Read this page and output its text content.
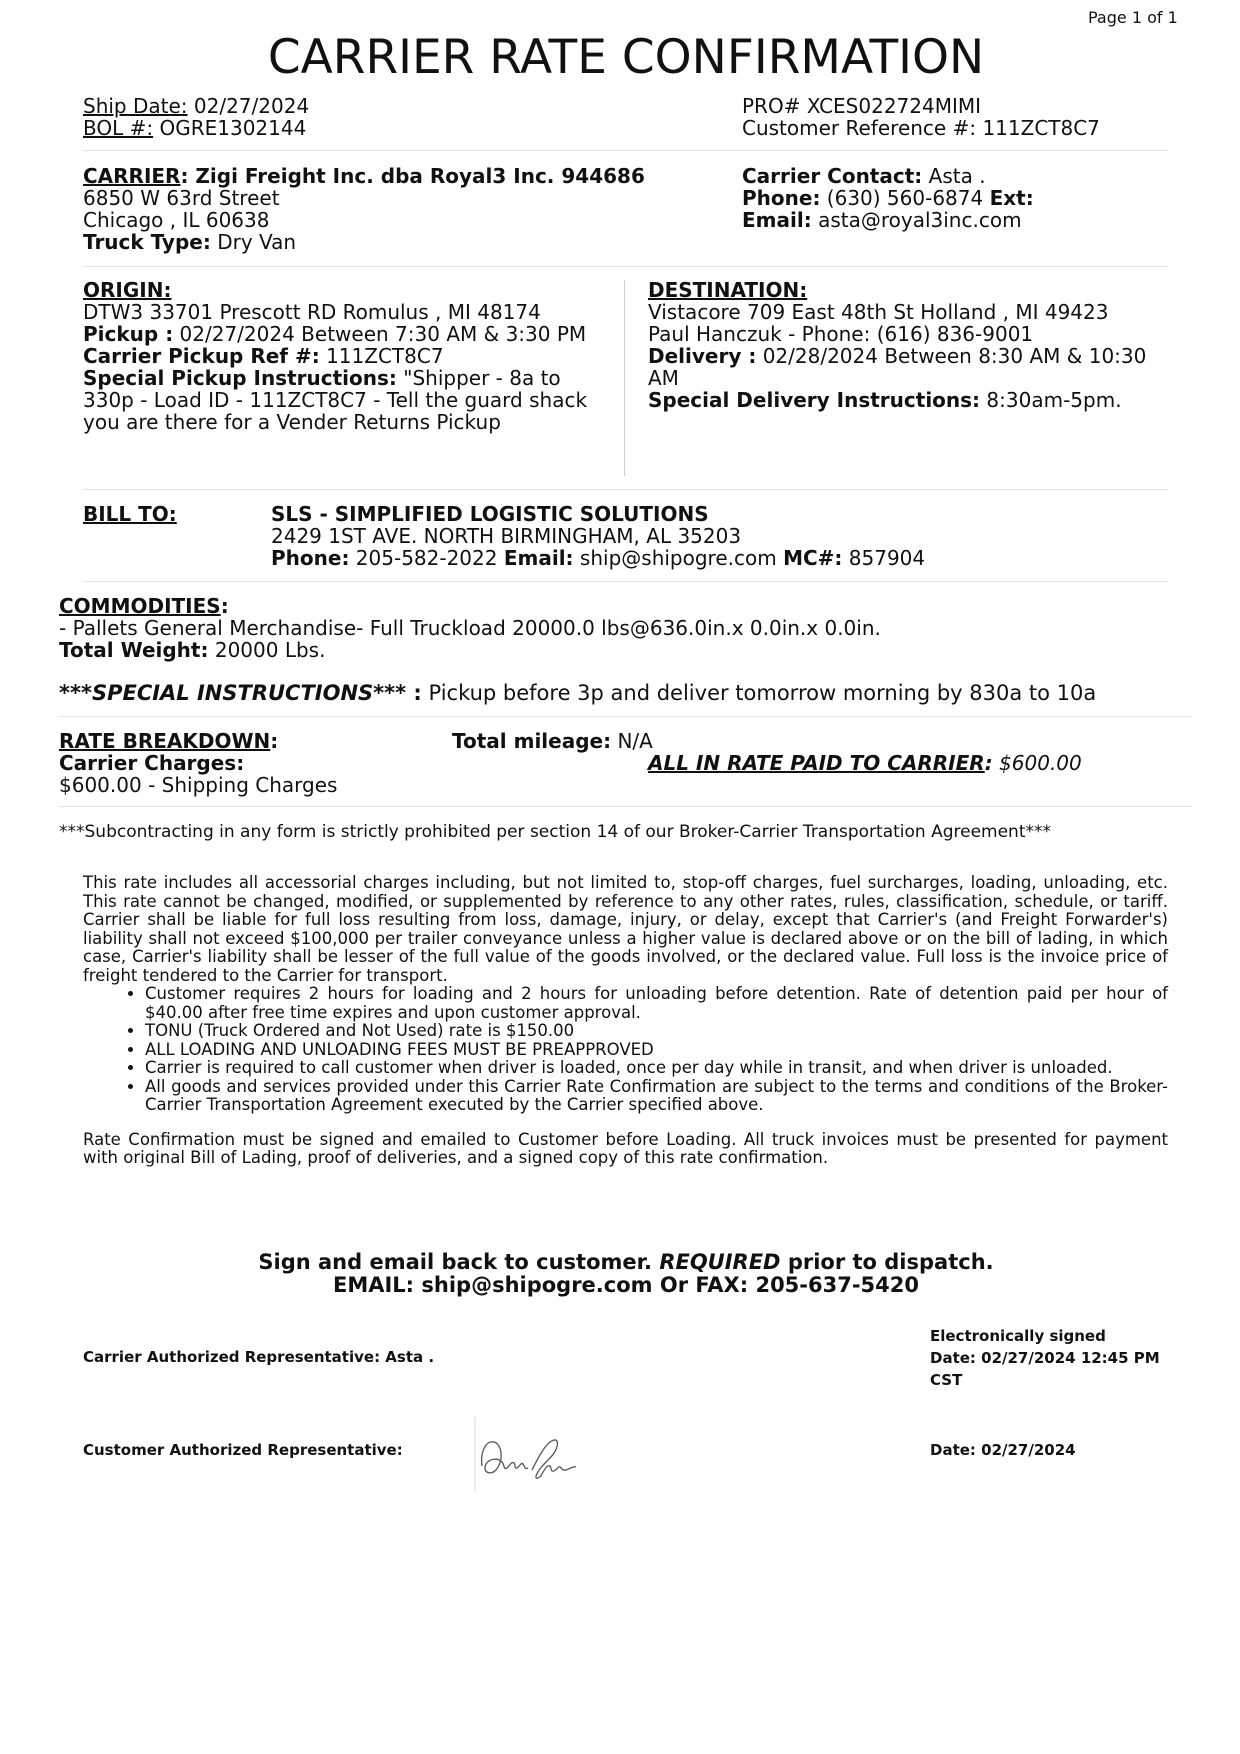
Page 1 of 1
CARRIER RATE CONFIRMATION
Ship Date: 02/27/2024
BOL #: OGRE1302144
PRO# XCES022724MIMI
Customer Reference #: 111ZCT8C7
CARRIER: Zigi Freight Inc. dba Royal3 Inc. 944686
6850 W 63rd Street
Chicago , IL 60638
Truck Type: Dry Van
Carrier Contact: Asta .
Phone: (630) 560-6874 Ext:
Email: asta@royal3inc.com
ORIGIN:
DTW3 33701 Prescott RD Romulus , MI 48174
Pickup : 02/27/2024 Between 7:30 AM & 3:30 PM
Carrier Pickup Ref #: 111ZCT8C7
Special Pickup Instructions: "Shipper - 8a to 330p - Load ID - 111ZCT8C7 - Tell the guard shack you are there for a Vender Returns Pickup
DESTINATION:
Vistacore 709 East 48th St Holland , MI 49423
Paul Hanczuk - Phone: (616) 836-9001
Delivery : 02/28/2024 Between 8:30 AM & 10:30 AM
Special Delivery Instructions: 8:30am-5pm.
BILL TO:	SLS - SIMPLIFIED LOGISTIC SOLUTIONS
2429 1ST AVE. NORTH BIRMINGHAM, AL 35203
Phone: 205-582-2022 Email: ship@shipogre.com MC#: 857904
COMMODITIES:
- Pallets General Merchandise- Full Truckload 20000.0 lbs@636.0in.x 0.0in.x 0.0in.
Total Weight: 20000 Lbs.
***SPECIAL INSTRUCTIONS*** : Pickup before 3p and deliver tomorrow morning by 830a to 10a
RATE BREAKDOWN:
Carrier Charges:
$600.00 - Shipping Charges
Total mileage: N/A
ALL IN RATE PAID TO CARRIER: $600.00
***Subcontracting in any form is strictly prohibited per section 14 of our Broker-Carrier Transportation Agreement***
This rate includes all accessorial charges including, but not limited to, stop-off charges, fuel surcharges, loading, unloading, etc. This rate cannot be changed, modified, or supplemented by reference to any other rates, rules, classification, schedule, or tariff. Carrier shall be liable for full loss resulting from loss, damage, injury, or delay, except that Carrier's (and Freight Forwarder's) liability shall not exceed $100,000 per trailer conveyance unless a higher value is declared above or on the bill of lading, in which case, Carrier's liability shall be lesser of the full value of the goods involved, or the declared value. Full loss is the invoice price of freight tendered to the Carrier for transport.
• Customer requires 2 hours for loading and 2 hours for unloading before detention. Rate of detention paid per hour of $40.00 after free time expires and upon customer approval.
• TONU (Truck Ordered and Not Used) rate is $150.00
• ALL LOADING AND UNLOADING FEES MUST BE PREAPPROVED
• Carrier is required to call customer when driver is loaded, once per day while in transit, and when driver is unloaded.
• All goods and services provided under this Carrier Rate Confirmation are subject to the terms and conditions of the Broker-Carrier Transportation Agreement executed by the Carrier specified above.
Rate Confirmation must be signed and emailed to Customer before Loading. All truck invoices must be presented for payment with original Bill of Lading, proof of deliveries, and a signed copy of this rate confirmation.
Sign and email back to customer. REQUIRED prior to dispatch.
EMAIL: ship@shipogre.com Or FAX: 205-637-5420
Carrier Authorized Representative: Asta .
Electronically signed
Date: 02/27/2024 12:45 PM CST
Customer Authorized Representative:	Date: 02/27/2024
